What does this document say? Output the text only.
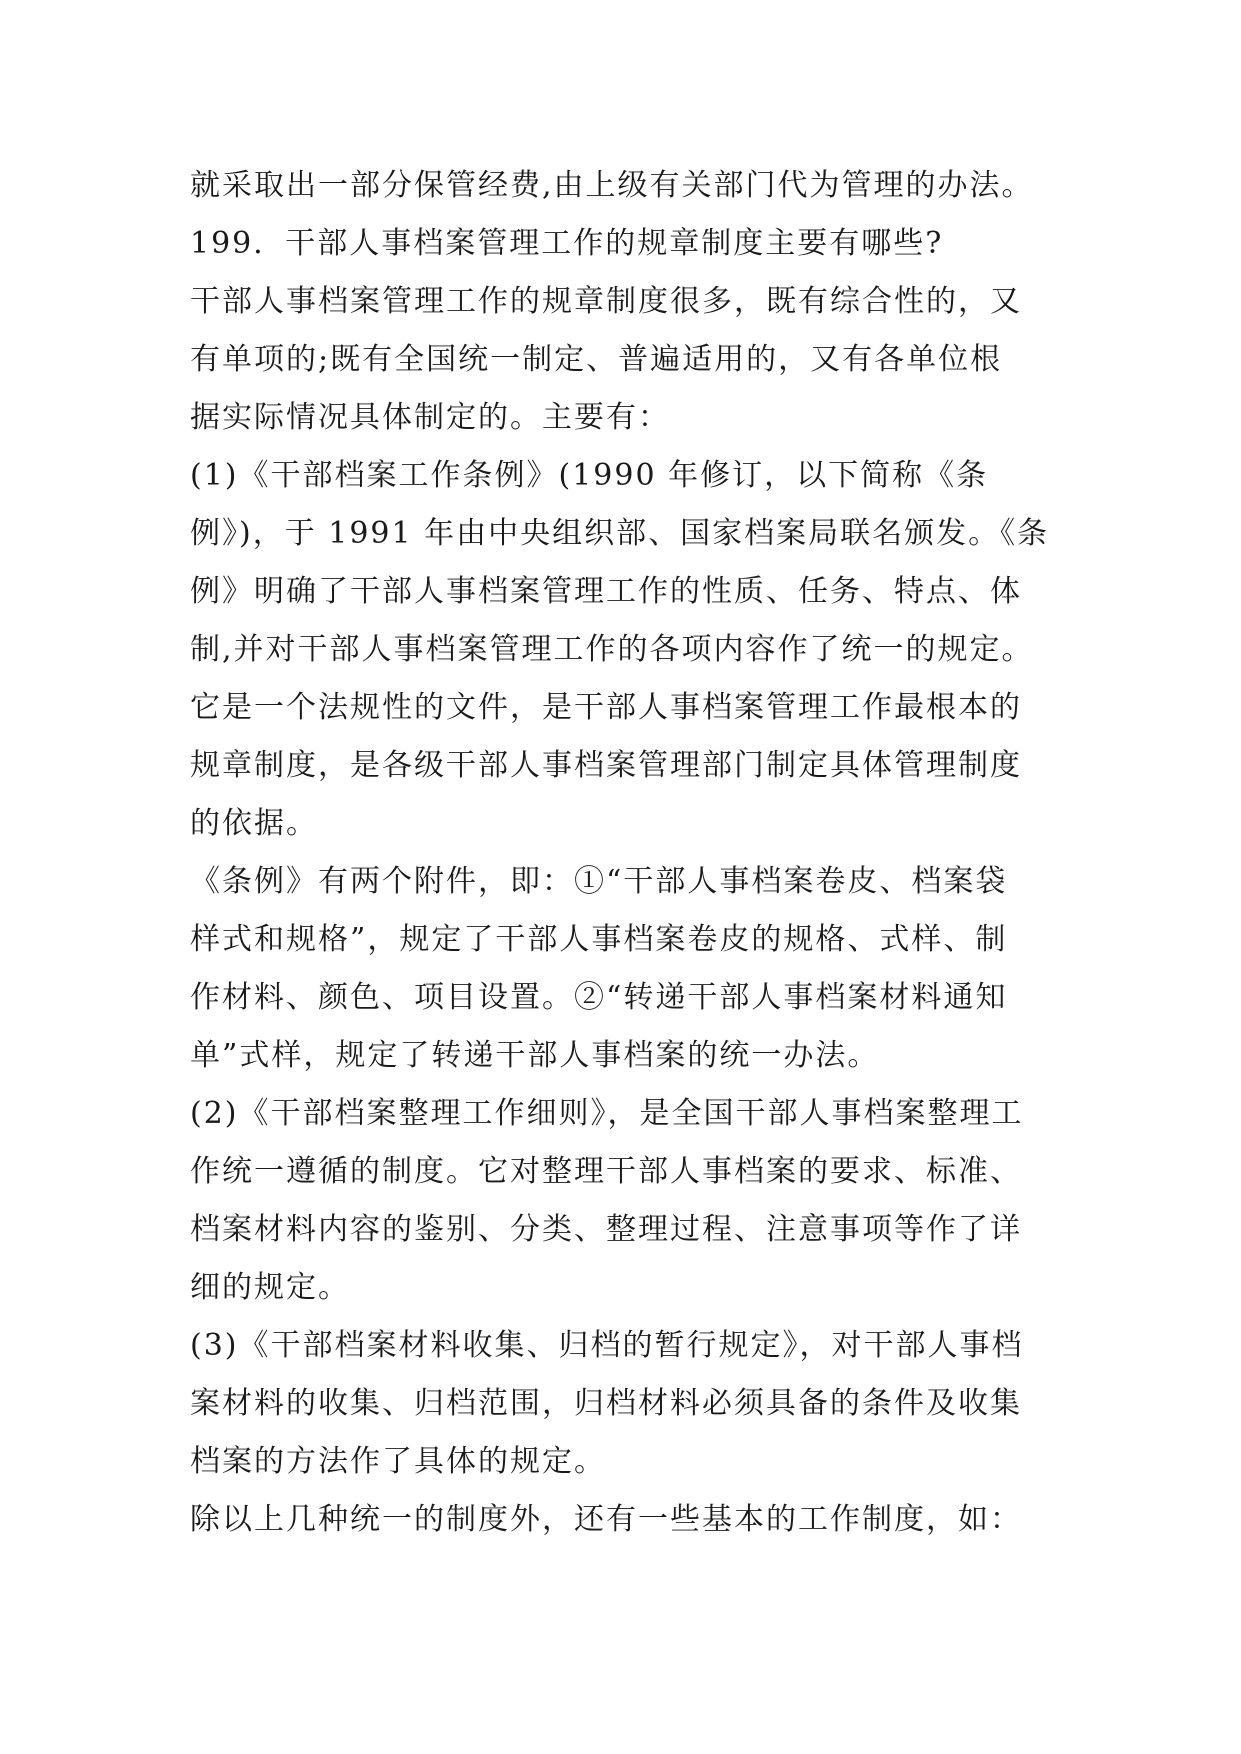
就采取出一部分保管经费,由上级有关部门代为管理的办法。
199．干部人事档案管理工作的规章制度主要有哪些?
干部人事档案管理工作的规章制度很多，既有综合性的，又
有单项的;既有全国统一制定、普遍适用的，又有各单位根
据实际情况具体制定的。主要有：
(1)《干部档案工作条例》(1990 年修订，以下简称《条
例》)，于 1991 年由中央组织部、国家档案局联名颁发。《条
例》明确了干部人事档案管理工作的性质、任务、特点、体
制,并对干部人事档案管理工作的各项内容作了统一的规定。
它是一个法规性的文件，是干部人事档案管理工作最根本的
规章制度，是各级干部人事档案管理部门制定具体管理制度
的依据。
《条例》有两个附件，即：①“干部人事档案卷皮、档案袋
样式和规格”，规定了干部人事档案卷皮的规格、式样、制
作材料、颜色、项目设置。②“转递干部人事档案材料通知
单”式样，规定了转递干部人事档案的统一办法。
(2)《干部档案整理工作细则》，是全国干部人事档案整理工
作统一遵循的制度。它对整理干部人事档案的要求、标准、
档案材料内容的鉴别、分类、整理过程、注意事项等作了详
细的规定。
(3)《干部档案材料收集、归档的暂行规定》，对干部人事档
案材料的收集、归档范围，归档材料必须具备的条件及收集
档案的方法作了具体的规定。
除以上几种统一的制度外，还有一些基本的工作制度，如：
